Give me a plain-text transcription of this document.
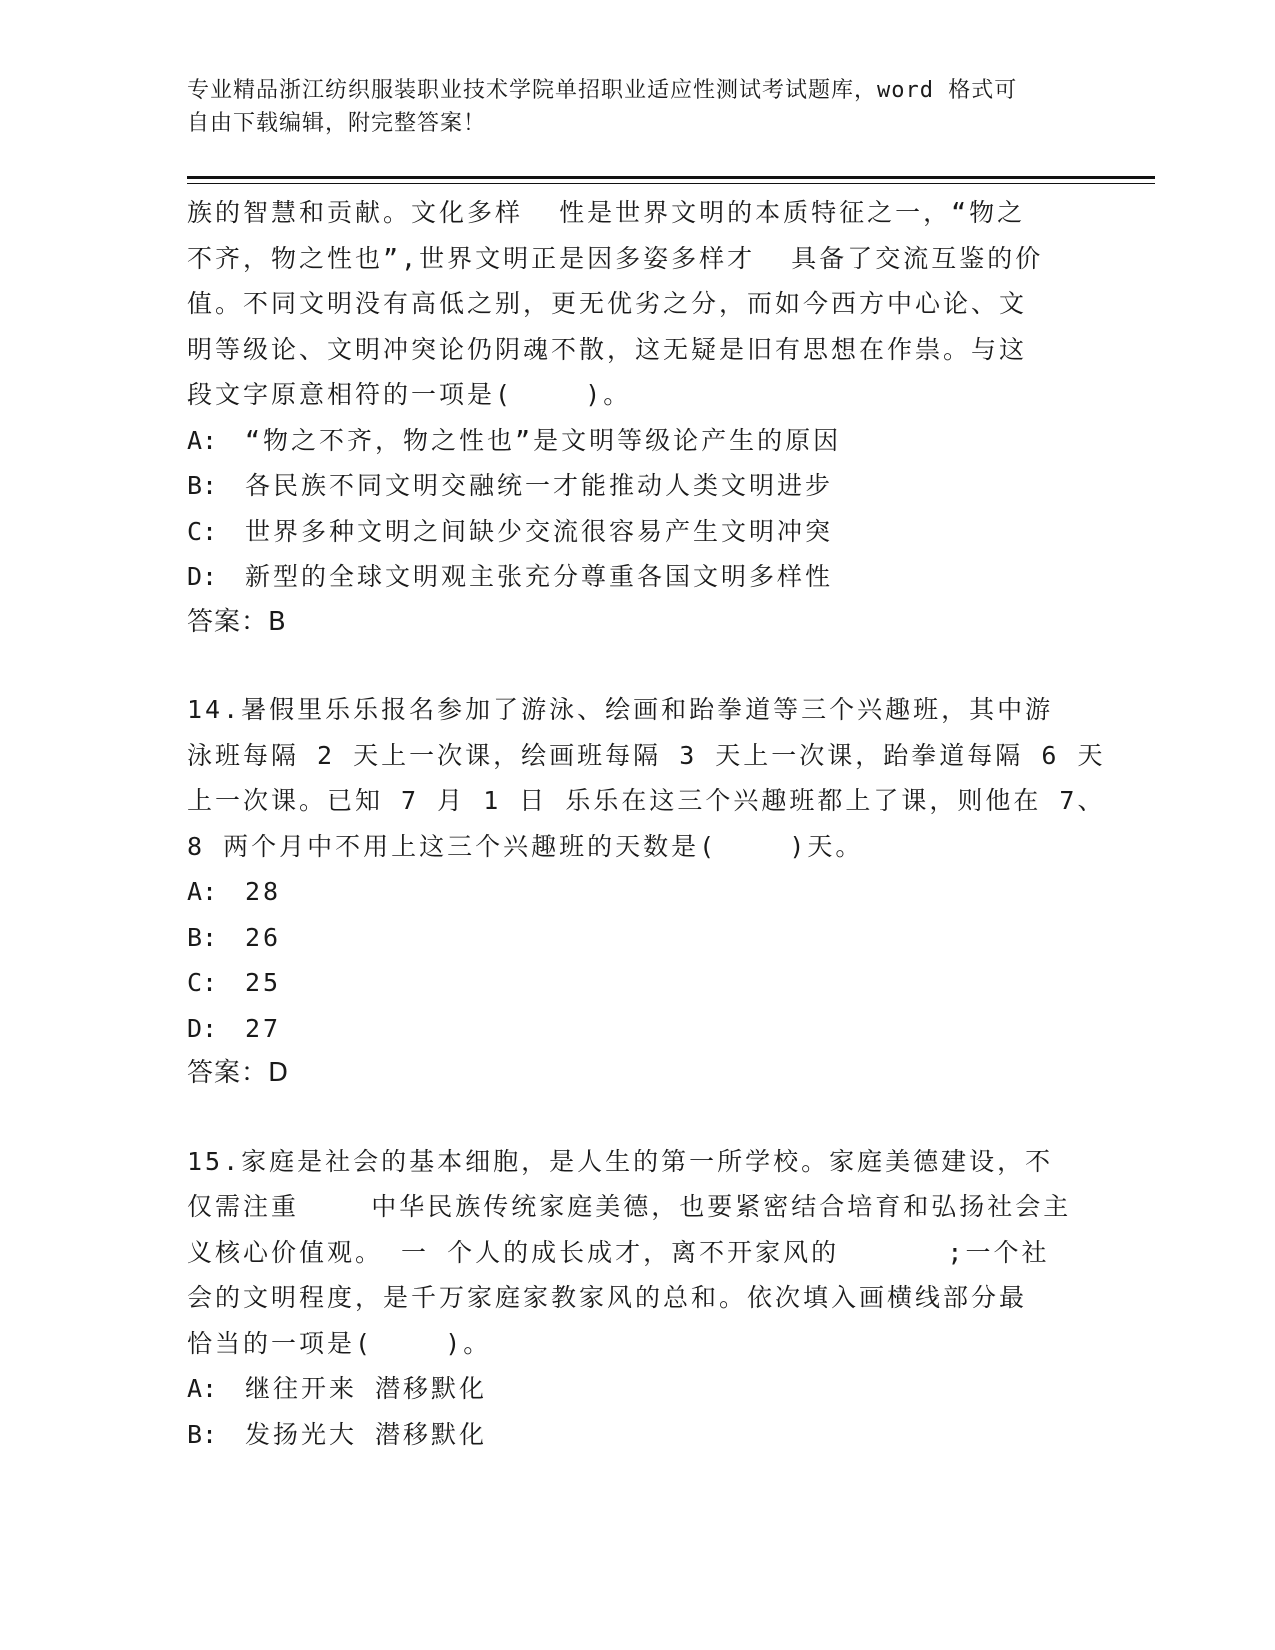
专业精品浙江纺织服装职业技术学院单招职业适应性测试考试题库，word 格式可
自由下载编辑，附完整答案！
族的智慧和贡献。文化多样  性是世界文明的本质特征之一，“物之
不齐，物之性也”,世界文明正是因多姿多样才  具备了交流互鉴的价
值。不同文明没有高低之别，更无优劣之分，而如今西方中心论、文
明等级论、文明冲突论仍阴魂不散，这无疑是旧有思想在作祟。与这
段文字原意相符的一项是(    )。
A: “物之不齐，物之性也”是文明等级论产生的原因
B: 各民族不同文明交融统一才能推动人类文明进步
C: 世界多种文明之间缺少交流很容易产生文明冲突
D: 新型的全球文明观主张充分尊重各国文明多样性
答案：B
14.暑假里乐乐报名参加了游泳、绘画和跆拳道等三个兴趣班，其中游
泳班每隔 2 天上一次课，绘画班每隔 3 天上一次课，跆拳道每隔 6 天
上一次课。已知 7 月 1 日 乐乐在这三个兴趣班都上了课，则他在 7、
8 两个月中不用上这三个兴趣班的天数是(    )天。
A: 28
B: 26
C: 25
D: 27
答案：D
15.家庭是社会的基本细胞，是人生的第一所学校。家庭美德建设，不
仅需注重    中华民族传统家庭美德，也要紧密结合培育和弘扬社会主
义核心价值观。 一 个人的成长成才，离不开家风的      ;一个社
会的文明程度，是千万家庭家教家风的总和。依次填入画横线部分最
恰当的一项是(    )。
A: 继往开来 潜移默化
B: 发扬光大 潜移默化
